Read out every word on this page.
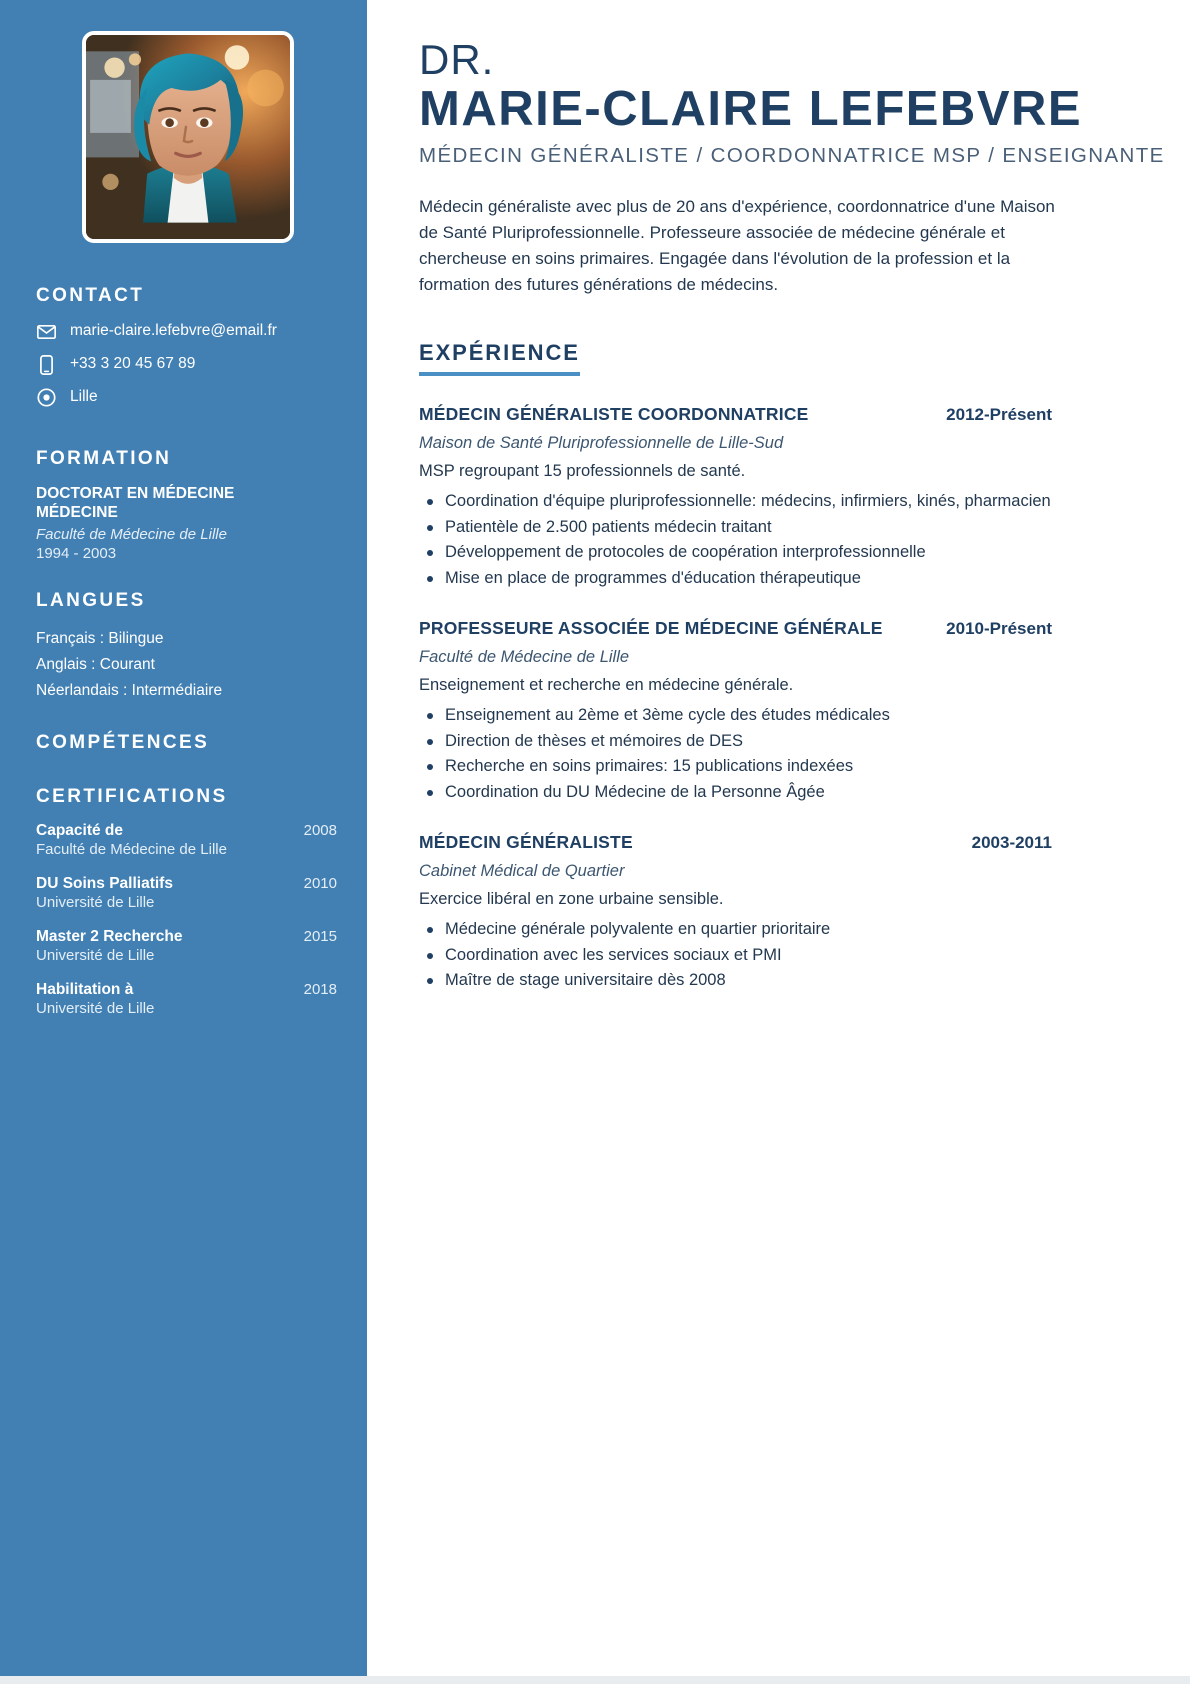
CONTACT
marie-claire.lefebvre@email.fr
+33 3 20 45 67 89
Lille
FORMATION
DOCTORAT EN MÉDECINE MÉDECINE
Faculté de Médecine de Lille
1994 - 2003
LANGUES
Français : Bilingue
Anglais : Courant
Néerlandais : Intermédiaire
COMPÉTENCES
CERTIFICATIONS
Capacité de	2008
Faculté de Médecine de Lille
DU Soins Palliatifs	2010
Université de Lille
Master 2 Recherche	2015
Université de Lille
Habilitation à	2018
Université de Lille
DR.
MARIE-CLAIRE LEFEBVRE
MÉDECIN GÉNÉRALISTE / COORDONNATRICE MSP / ENSEIGNANTE

Médecin généraliste avec plus de 20 ans d'expérience, coordonnatrice d'une Maison de Santé Pluriprofessionnelle. Professeure associée de médecine générale et chercheuse en soins primaires. Engagée dans l'évolution de la profession et la formation des futures générations de médecins.

EXPÉRIENCE
MÉDECIN GÉNÉRALISTE COORDONNATRICE	2012-Présent
Maison de Santé Pluriprofessionnelle de Lille-Sud
MSP regroupant 15 professionnels de santé.
Coordination d'équipe pluriprofessionnelle: médecins, infirmiers, kinés, pharmacien
Patientèle de 2.500 patients médecin traitant
Développement de protocoles de coopération interprofessionnelle
Mise en place de programmes d'éducation thérapeutique
PROFESSEURE ASSOCIÉE DE MÉDECINE GÉNÉRALE	2010-Présent
Faculté de Médecine de Lille
Enseignement et recherche en médecine générale.
Enseignement au 2ème et 3ème cycle des études médicales
Direction de thèses et mémoires de DES
Recherche en soins primaires: 15 publications indexées
Coordination du DU Médecine de la Personne Âgée
MÉDECIN GÉNÉRALISTE	2003-2011
Cabinet Médical de Quartier
Exercice libéral en zone urbaine sensible.
Médecine générale polyvalente en quartier prioritaire
Coordination avec les services sociaux et PMI
Maître de stage universitaire dès 2008
